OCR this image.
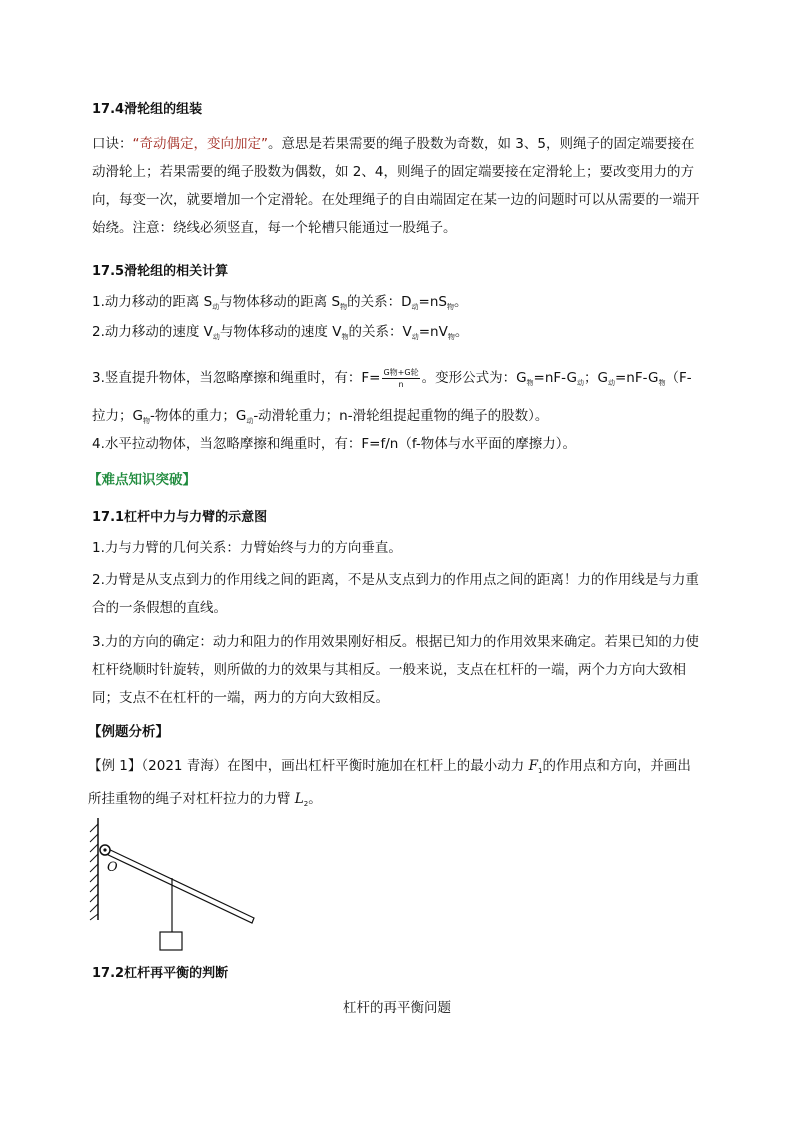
17.4滑轮组的组装
口诀：“奇动偶定，变向加定”。意思是若果需要的绳子股数为奇数，如 3、5，则绳子的固定端要接在动滑轮上；若果需要的绳子股数为偶数，如 2、4，则绳子的固定端要接在定滑轮上；要改变用力的方向，每变一次，就要增加一个定滑轮。在处理绳子的自由端固定在某一边的问题时可以从需要的一端开始绕。注意：绕线必须竖直，每一个轮槽只能通过一股绳子。
17.5滑轮组的相关计算
1.动力移动的距离 $S_动$与物体移动的距离 $S_物$的关系：$D_动=nS_物$。
2.动力移动的速度 $V_动$与物体移动的速度 $V_物$的关系：$V_动=nV_物$。
3.竖直提升物体，当忽略摩擦和绳重时，有：$F= \frac{\text{G物+G轮}}{n}$ 。变形公式为：$G_物=nF-G_动$；$G_动=nF-G_物(F-$
拉力；$G_物-$物体的重力；$G_动-$动滑轮重力；n-滑轮组提起重物的绳子的股数）。
4.水平拉动物体，当忽略摩擦和绳重时，有：F=f/n（f-物体与水平面的摩擦力）。
【难点知识突破】
17.1杠杆中力与力臂的示意图
1.力与力臂的几何关系：力臂始终与力的方向垂直。
2.力臂是从支点到力的作用线之间的距离，不是从支点到力的作用点之间的距离！力的作用线是与力重合的一条假想的直线。
3.力的方向的确定：动力和阻力的作用效果刚好相反。根据已知力的作用效果来确定。若果已知的力使杠杆绕顺时针旋转，则所做的力的效果与其相反。一般来说，支点在杠杆的一端，两个力方向大致相同；支点不在杠杆的一端，两力的方向大致相反。
【例题分析】
【例 1】（2021 青海）在图中，画出杠杆平衡时施加在杠杆上的最小动力 $F_1$的作用点和方向，并画出所挂重物的绳子对杠杆拉力的力臂 $L_2$。
O
17.2杠杆再平衡的判断
杠杆的再平衡问题
